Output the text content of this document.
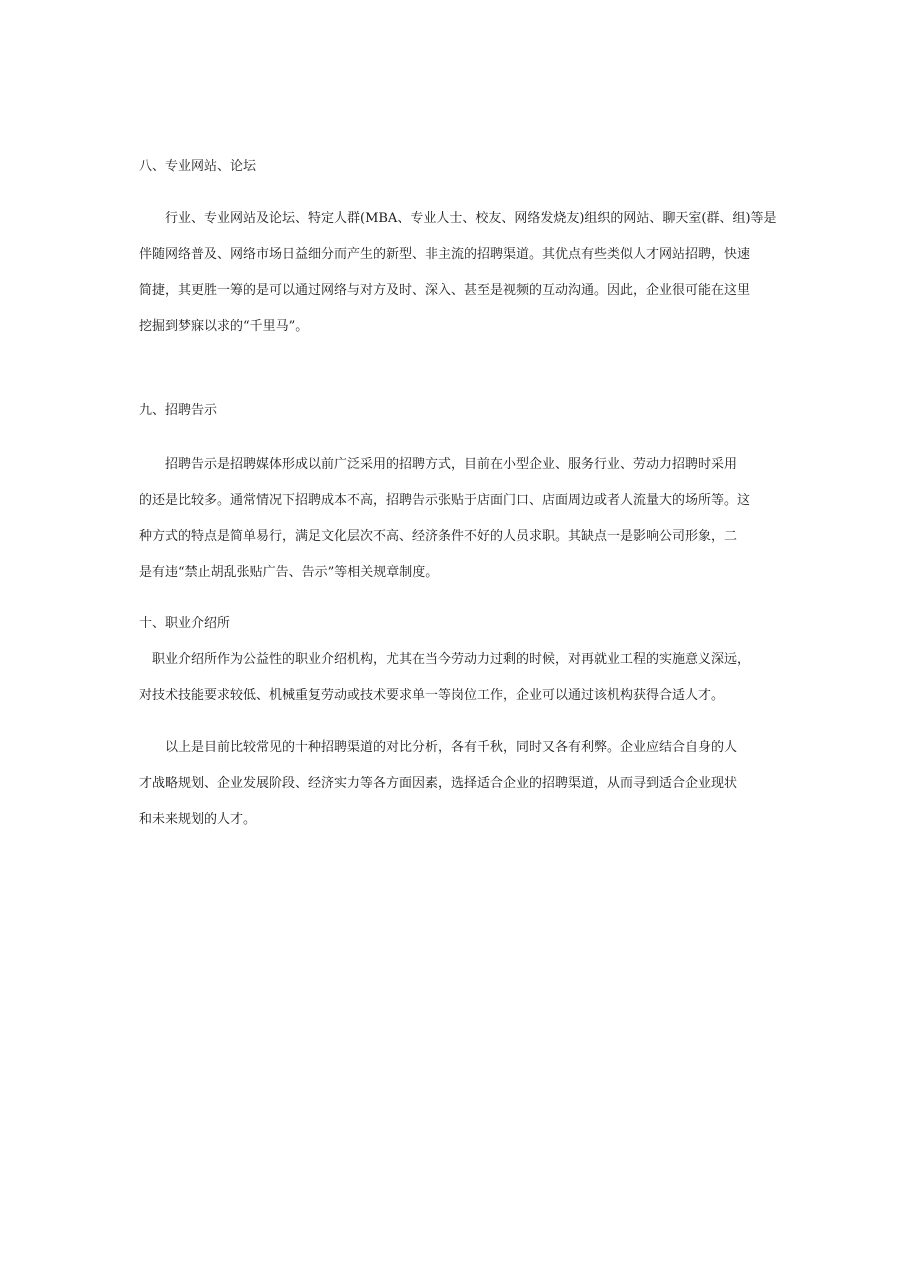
八、专业网站、论坛
行业、专业网站及论坛、特定人群(MBA、专业人士、校友、网络发烧友)组织的网站、聊天室(群、组)等是
伴随网络普及、网络市场日益细分而产生的新型、非主流的招聘渠道。其优点有些类似人才网站招聘，快速
简捷，其更胜一筹的是可以通过网络与对方及时、深入、甚至是视频的互动沟通。因此，企业很可能在这里
挖掘到梦寐以求的“千里马”。
九、招聘告示
招聘告示是招聘媒体形成以前广泛采用的招聘方式，目前在小型企业、服务行业、劳动力招聘时采用
的还是比较多。通常情况下招聘成本不高，招聘告示张贴于店面门口、店面周边或者人流量大的场所等。这
种方式的特点是简单易行，满足文化层次不高、经济条件不好的人员求职。其缺点一是影响公司形象，二
是有违“禁止胡乱张贴广告、告示”等相关规章制度。
十、职业介绍所
职业介绍所作为公益性的职业介绍机构，尤其在当今劳动力过剩的时候，对再就业工程的实施意义深远，
对技术技能要求较低、机械重复劳动或技术要求单一等岗位工作，企业可以通过该机构获得合适人才。
以上是目前比较常见的十种招聘渠道的对比分析，各有千秋，同时又各有利弊。企业应结合自身的人
才战略规划、企业发展阶段、经济实力等各方面因素，选择适合企业的招聘渠道，从而寻到适合企业现状
和未来规划的人才。
